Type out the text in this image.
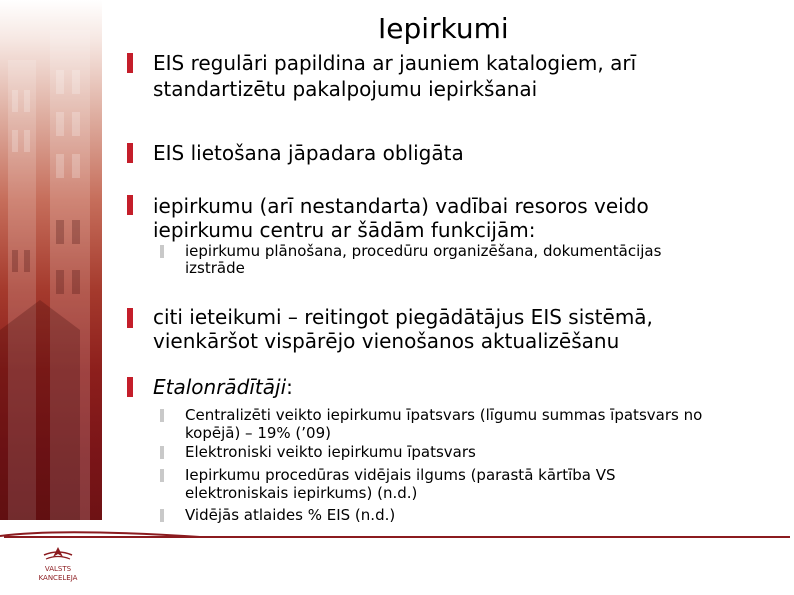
Iepirkumi
EIS regulāri papildina ar jauniem katalogiem, arī
standartizētu pakalpojumu iepirkšanai
EIS lietošana jāpadara obligāta
iepirkumu (arī nestandarta) vadībai resoros veido
iepirkumu centru ar šādām funkcijām:
iepirkumu plānošana, procedūru organizēšana, dokumentācijas
izstrāde
citi ieteikumi – reitingot piegādātājus EIS sistēmā,
vienkāršot vispārējo vienošanos aktualizēšanu
Etalonrādītāji:
Centralizēti veikto iepirkumu īpatsvars (līgumu summas īpatsvars no
kopējā) – 19% (’09)
Elektroniski veikto iepirkumu īpatsvars
Iepirkumu procedūras vidējais ilgums (parastā kārtība VS
elektroniskais iepirkums) (n.d.)
Vidējās atlaides % EIS (n.d.)
VALSTS
KANCELEJA
